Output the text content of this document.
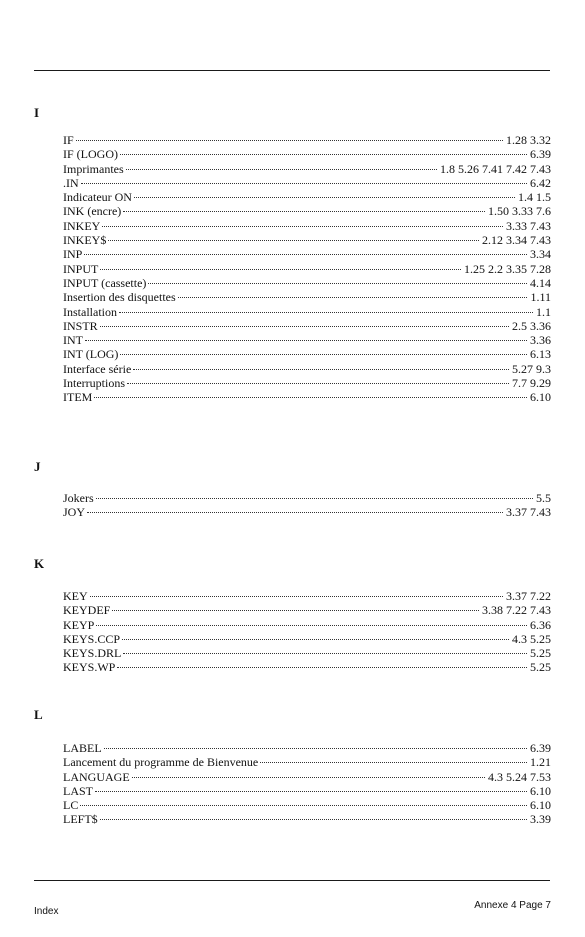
I
IF	1.28 3.32
IF (LOGO)	6.39
Imprimantes	1.8 5.26 7.41 7.42 7.43
.IN	6.42
Indicateur ON	1.4 1.5
INK (encre)	1.50 3.33 7.6
INKEY	3.33 7.43
INKEY$	2.12 3.34 7.43
INP	3.34
INPUT	1.25 2.2 3.35 7.28
INPUT (cassette)	4.14
Insertion des disquettes	1.11
Installation	1.1
INSTR	2.5 3.36
INT	3.36
INT (LOG)	6.13
Interface série	5.27 9.3
Interruptions	7.7 9.29
ITEM	6.10
J
Jokers	5.5
JOY	3.37 7.43
K
KEY	3.37 7.22
KEYDEF	3.38 7.22 7.43
KEYP	6.36
KEYS.CCP	4.3 5.25
KEYS.DRL	5.25
KEYS.WP	5.25
L
LABEL	6.39
Lancement du programme de Bienvenue	1.21
LANGUAGE	4.3 5.24 7.53
LAST	6.10
LC	6.10
LEFT$	3.39
Index
Annexe 4 Page 7
